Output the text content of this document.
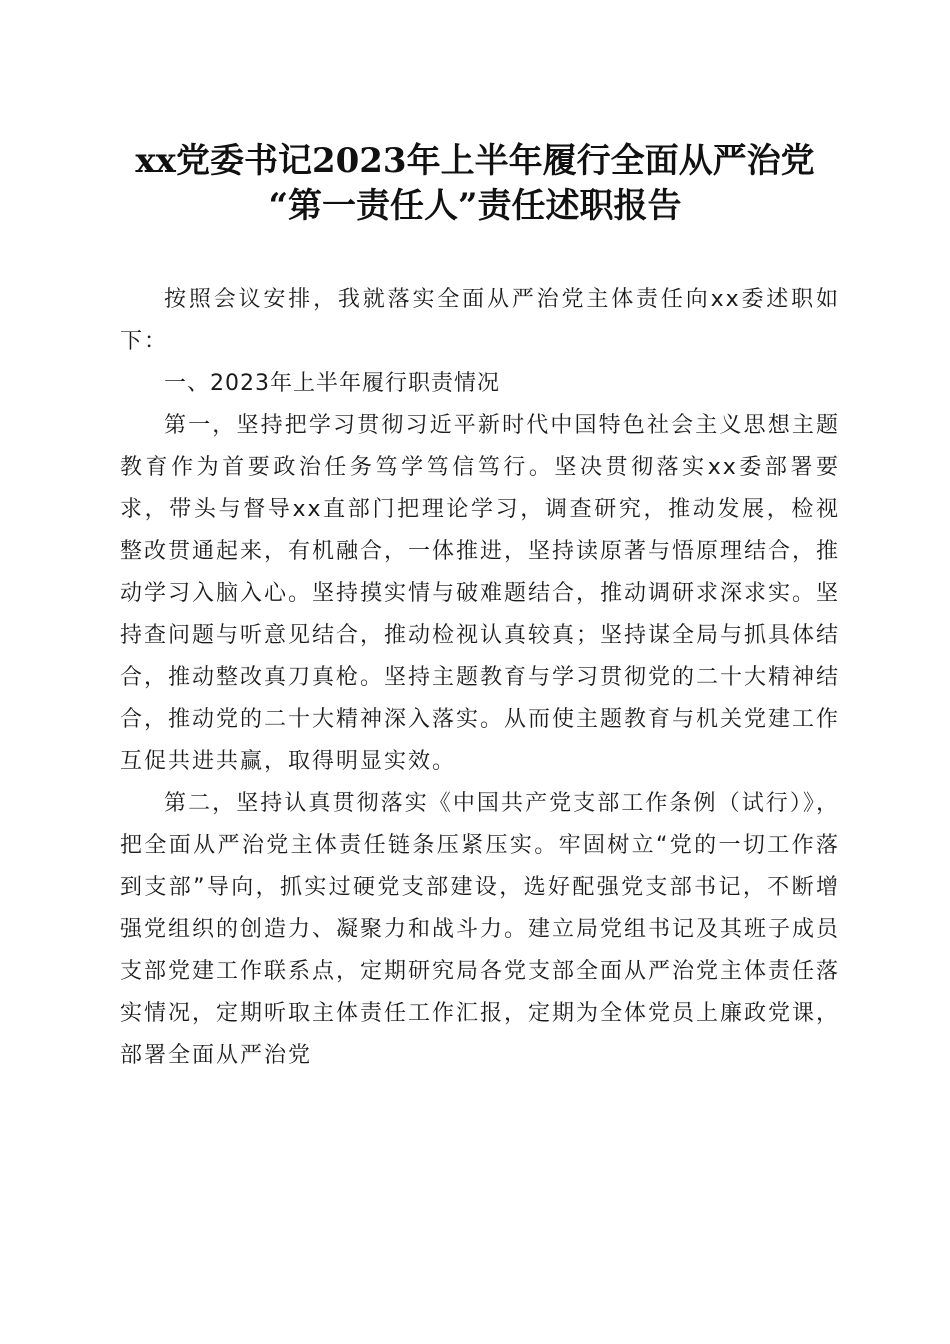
xx党委书记2023年上半年履行全面从严治党
“第一责任人”责任述职报告

按照会议安排，我就落实全面从严治党主体责任向xx委述职如下：

一、2023年上半年履行职责情况

第一，坚持把学习贯彻习近平新时代中国特色社会主义思想主题教育作为首要政治任务笃学笃信笃行。坚决贯彻落实xx委部署要求，带头与督导xx直部门把理论学习，调查研究，推动发展，检视整改贯通起来，有机融合，一体推进，坚持读原著与悟原理结合，推动学习入脑入心。坚持摸实情与破难题结合，推动调研求深求实。坚持查问题与听意见结合，推动检视认真较真；坚持谋全局与抓具体结合，推动整改真刀真枪。坚持主题教育与学习贯彻党的二十大精神结合，推动党的二十大精神深入落实。从而使主题教育与机关党建工作互促共进共赢，取得明显实效。

第二，坚持认真贯彻落实《中国共产党支部工作条例（试行）》，把全面从严治党主体责任链条压紧压实。牢固树立“党的一切工作落到支部”导向，抓实过硬党支部建设，选好配强党支部书记，不断增强党组织的创造力、凝聚力和战斗力。建立局党组书记及其班子成员支部党建工作联系点，定期研究局各党支部全面从严治党主体责任落实情况，定期听取主体责任工作汇报，定期为全体党员上廉政党课，部署全面从严治党
